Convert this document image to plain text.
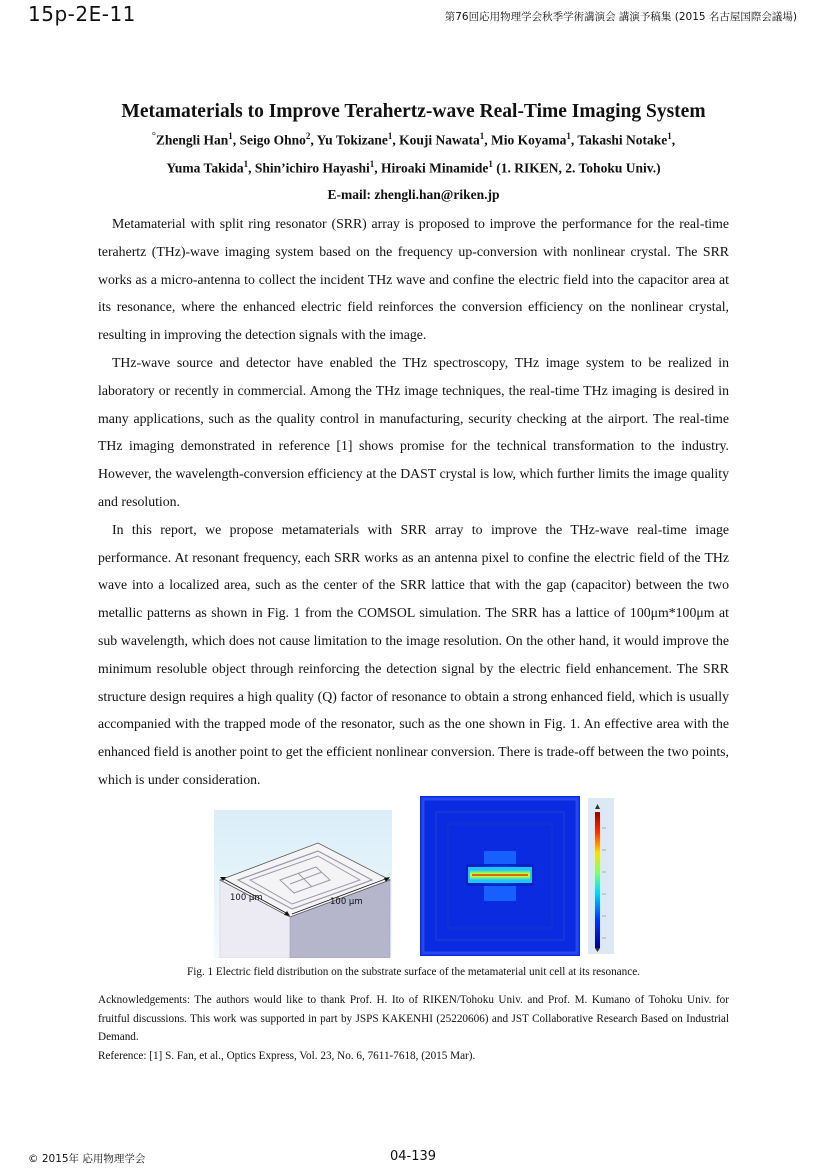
15p-2E-11	第76回応用物理学会秋季学術講演会 講演予稿集 (2015 名古屋国際会議場)
Metamaterials to Improve Terahertz-wave Real-Time Imaging System
°Zhengli Han$^1$, Seigo Ohno$^2$, Yu Tokizane$^1$, Kouji Nawata$^1$, Mio Koyama$^1$, Takashi Notake$^1$,
Yuma Takida$^1$, Shin’ichiro Hayashi$^1$, Hiroaki Minamide$^1$ (1. RIKEN, 2. Tohoku Univ.)
E-mail: zhengli.han@riken.jp

Metamaterial with split ring resonator (SRR) array is proposed to improve the performance for the real-time terahertz (THz)-wave imaging system based on the frequency up-conversion with nonlinear crystal. The SRR works as a micro-antenna to collect the incident THz wave and confine the electric field into the capacitor area at its resonance, where the enhanced electric field reinforces the conversion efficiency on the nonlinear crystal, resulting in improving the detection signals with the image.

THz-wave source and detector have enabled the THz spectroscopy, THz image system to be realized in laboratory or recently in commercial. Among the THz image techniques, the real-time THz imaging is desired in many applications, such as the quality control in manufacturing, security checking at the airport. The real-time THz imaging demonstrated in reference [1] shows promise for the technical transformation to the industry. However, the wavelength-conversion efficiency at the DAST crystal is low, which further limits the image quality and resolution.

In this report, we propose metamaterials with SRR array to improve the THz-wave real-time image performance. At resonant frequency, each SRR works as an antenna pixel to confine the electric field of the THz wave into a localized area, such as the center of the SRR lattice that with the gap (capacitor) between the two metallic patterns as shown in Fig. 1 from the COMSOL simulation. The SRR has a lattice of 100μm*100μm at sub wavelength, which does not cause limitation to the image resolution. On the other hand, it would improve the minimum resoluble object through reinforcing the detection signal by the electric field enhancement. The SRR structure design requires a high quality (Q) factor of resonance to obtain a strong enhanced field, which is usually accompanied with the trapped mode of the resonator, such as the one shown in Fig. 1. An effective area with the enhanced field is another point to get the efficient nonlinear conversion. There is trade-off between the two points, which is under consideration.

100 μm	100 μm
Fig. 1 Electric field distribution on the substrate surface of the metamaterial unit cell at its resonance.
Acknowledgements: The authors would like to thank Prof. H. Ito of RIKEN/Tohoku Univ. and Prof. M. Kumano of Tohoku Univ. for fruitful discussions. This work was supported in part by JSPS KAKENHI (25220606) and JST Collaborative Research Based on Industrial Demand.
Reference: [1] S. Fan, et al., Optics Express, Vol. 23, No. 6, 7611-7618, (2015 Mar).
© 2015年 応用物理学会	04-139
